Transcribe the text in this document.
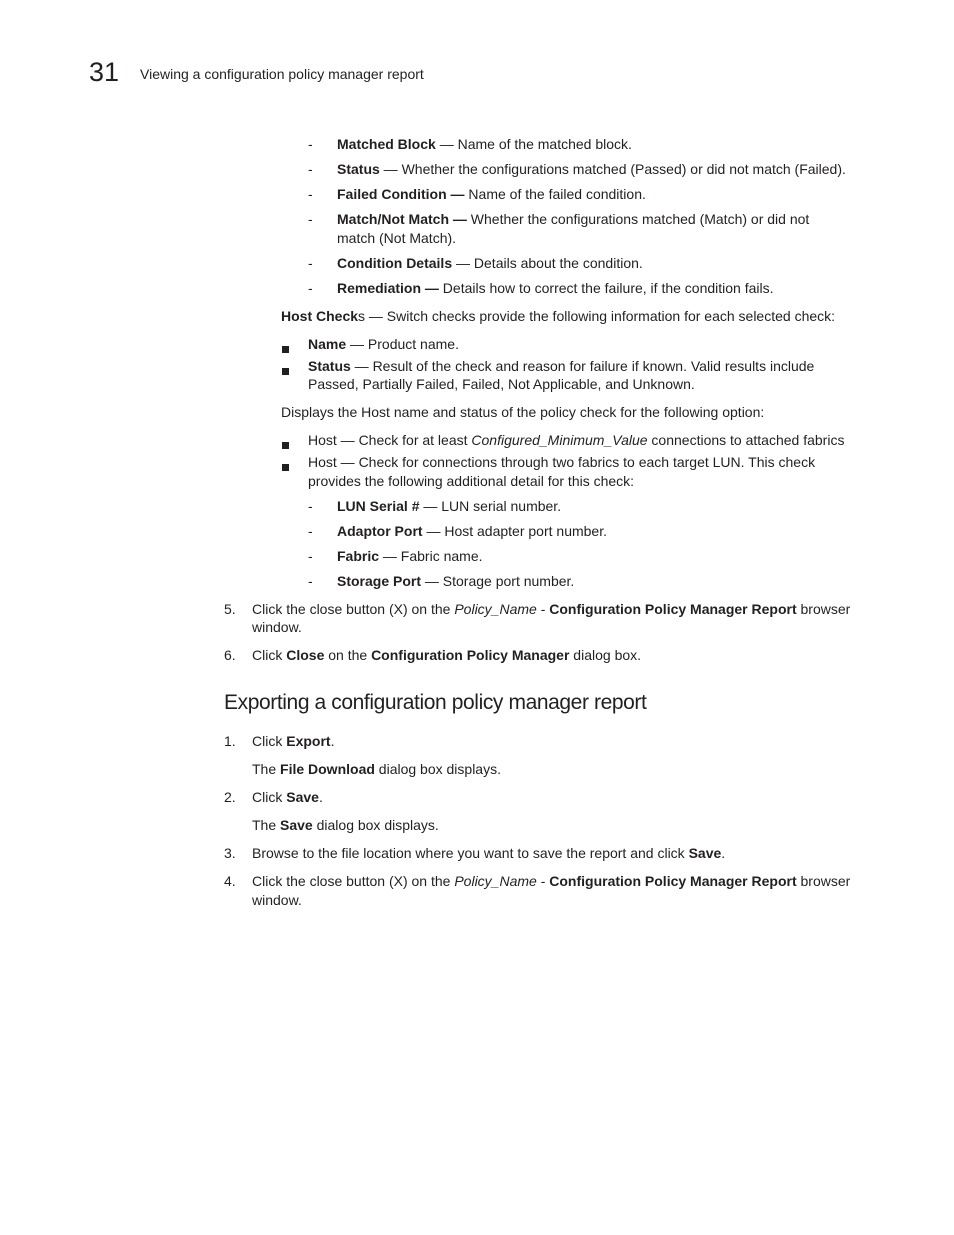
31 Viewing a configuration policy manager report
- Matched Block — Name of the matched block.
- Status — Whether the configurations matched (Passed) or did not match (Failed).
- Failed Condition — Name of the failed condition.
- Match/Not Match — Whether the configurations matched (Match) or did not
match (Not Match).
- Condition Details — Details about the condition.
- Remediation — Details how to correct the failure, if the condition fails.
Host Checks — Switch checks provide the following information for each selected check:
Name — Product name.
Status — Result of the check and reason for failure if known. Valid results include
Passed, Partially Failed, Failed, Not Applicable, and Unknown.
Displays the Host name and status of the policy check for the following option:
Host — Check for at least Configured_Minimum_Value connections to attached fabrics
Host — Check for connections through two fabrics to each target LUN. This check
provides the following additional detail for this check:
- LUN Serial # — LUN serial number.
- Adaptor Port — Host adapter port number.
- Fabric — Fabric name.
- Storage Port — Storage port number.
5. Click the close button (X) on the Policy_Name - Configuration Policy Manager Report browser
window.
6. Click Close on the Configuration Policy Manager dialog box.
Exporting a configuration policy manager report
1. Click Export.
The File Download dialog box displays.
2. Click Save.
The Save dialog box displays.
3. Browse to the file location where you want to save the report and click Save.
4. Click the close button (X) on the Policy_Name - Configuration Policy Manager Report browser
window.
